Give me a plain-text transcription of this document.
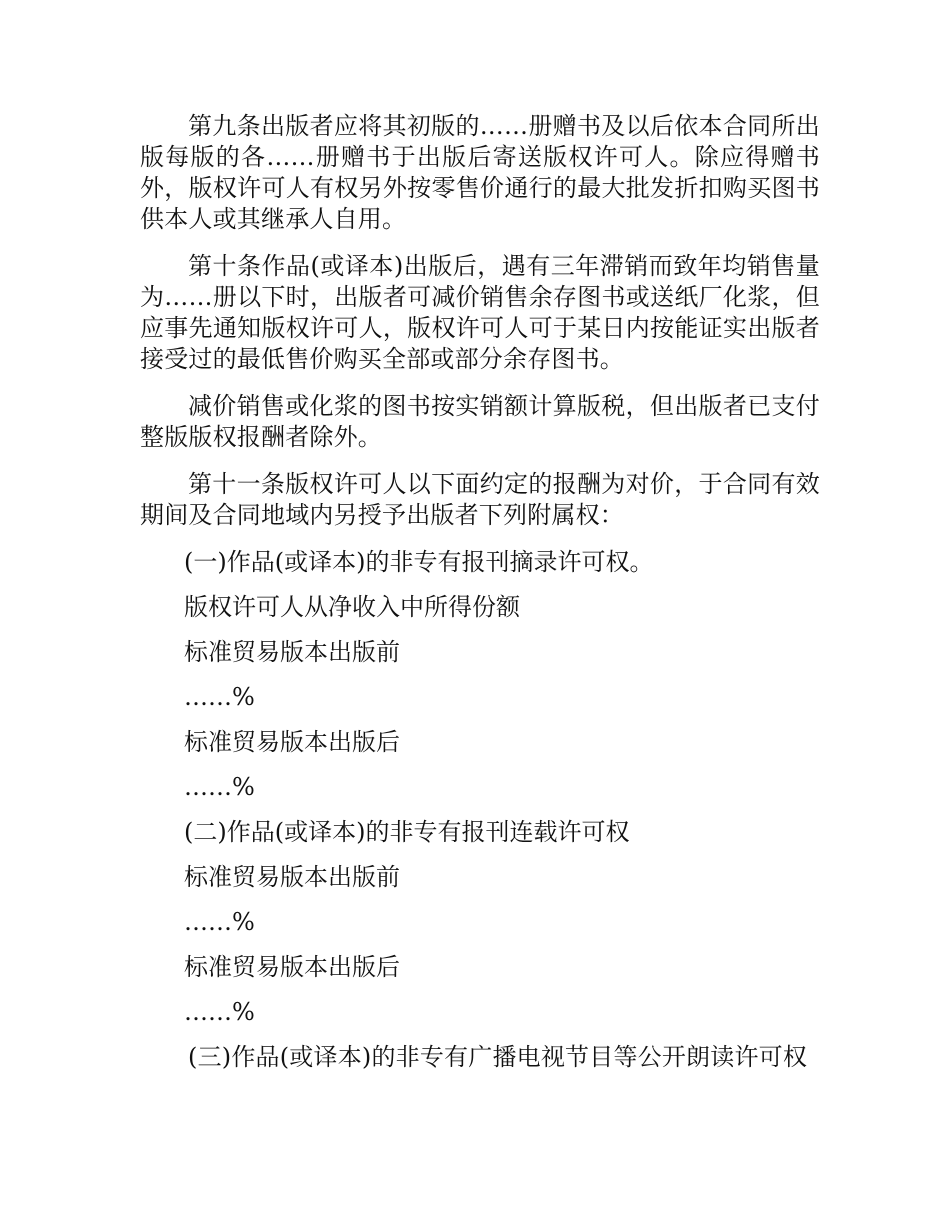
第九条出版者应将其初版的……册赠书及以后依本合同所出版每版的各……册赠书于出版后寄送版权许可人。除应得赠书外，版权许可人有权另外按零售价通行的最大批发折扣购买图书供本人或其继承人自用。

第十条作品(或译本)出版后，遇有三年滞销而致年均销售量为……册以下时，出版者可减价销售余存图书或送纸厂化浆，但应事先通知版权许可人，版权许可人可于某日内按能证实出版者接受过的最低售价购买全部或部分余存图书。

减价销售或化浆的图书按实销额计算版税，但出版者已支付整版版权报酬者除外。

第十一条版权许可人以下面约定的报酬为对价，于合同有效期间及合同地域内另授予出版者下列附属权：

(一)作品(或译本)的非专有报刊摘录许可权。
版权许可人从净收入中所得份额
标准贸易版本出版前
……%
标准贸易版本出版后
……%
(二)作品(或译本)的非专有报刊连载许可权
标准贸易版本出版前
……%
标准贸易版本出版后
……%

(三)作品(或译本)的非专有广播电视节目等公开朗读许可权
